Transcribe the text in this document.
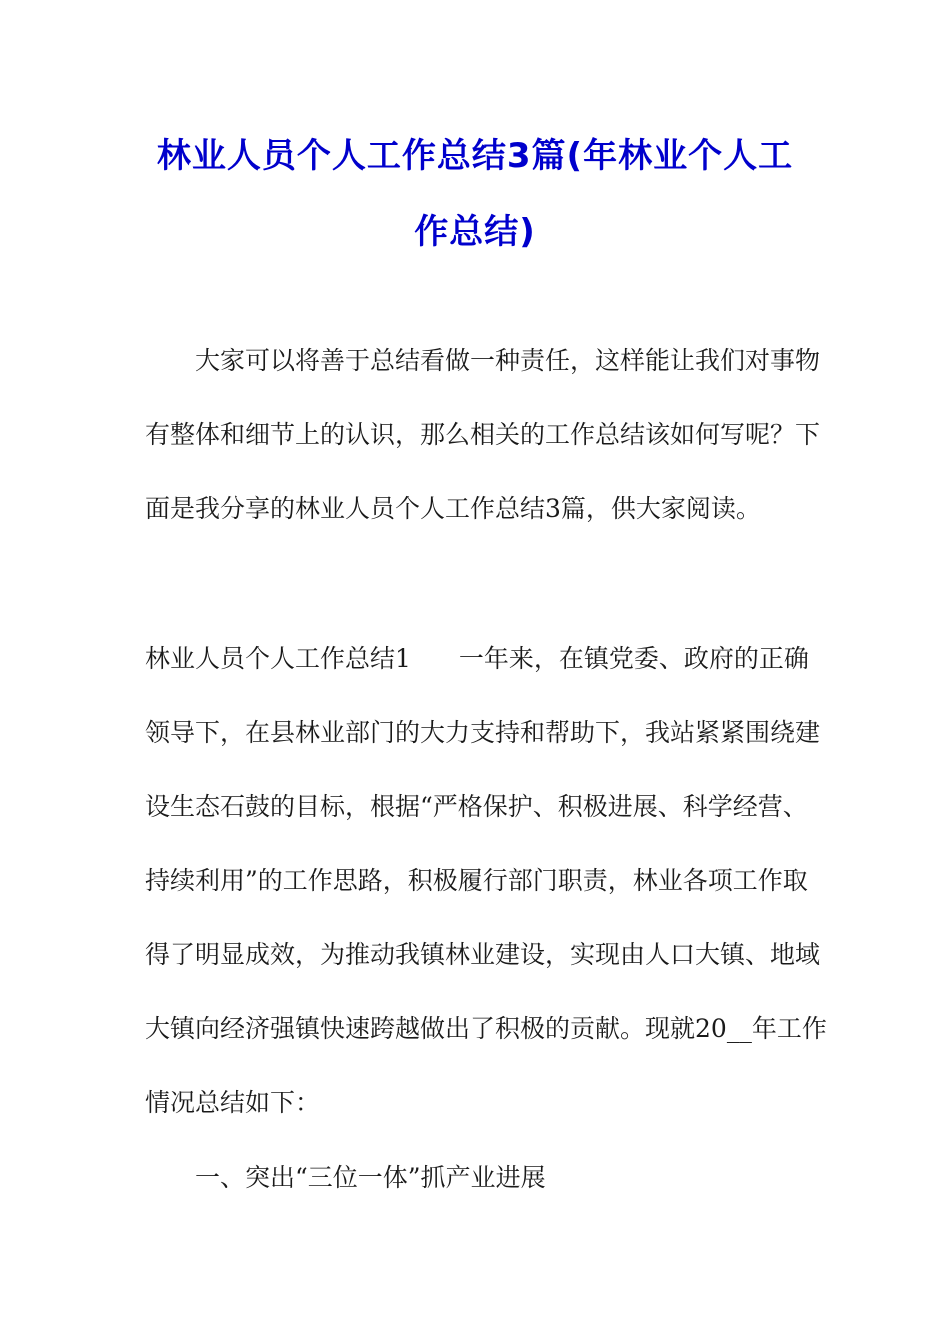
林业人员个人工作总结3篇(年林业个人工
作总结)

大家可以将善于总结看做一种责任，这样能让我们对事物

有整体和细节上的认识，那么相关的工作总结该如何写呢？下

面是我分享的林业人员个人工作总结3篇，供大家阅读。

林业人员个人工作总结1 一年来，在镇党委、政府的正确

领导下，在县林业部门的大力支持和帮助下，我站紧紧围绕建

设生态石鼓的目标，根据“严格保护、积极进展、科学经营、

持续利用”的工作思路，积极履行部门职责，林业各项工作取

得了明显成效，为推动我镇林业建设，实现由人口大镇、地域

大镇向经济强镇快速跨越做出了积极的贡献。现就20__年工作

情况总结如下：

一、突出“三位一体”抓产业进展
